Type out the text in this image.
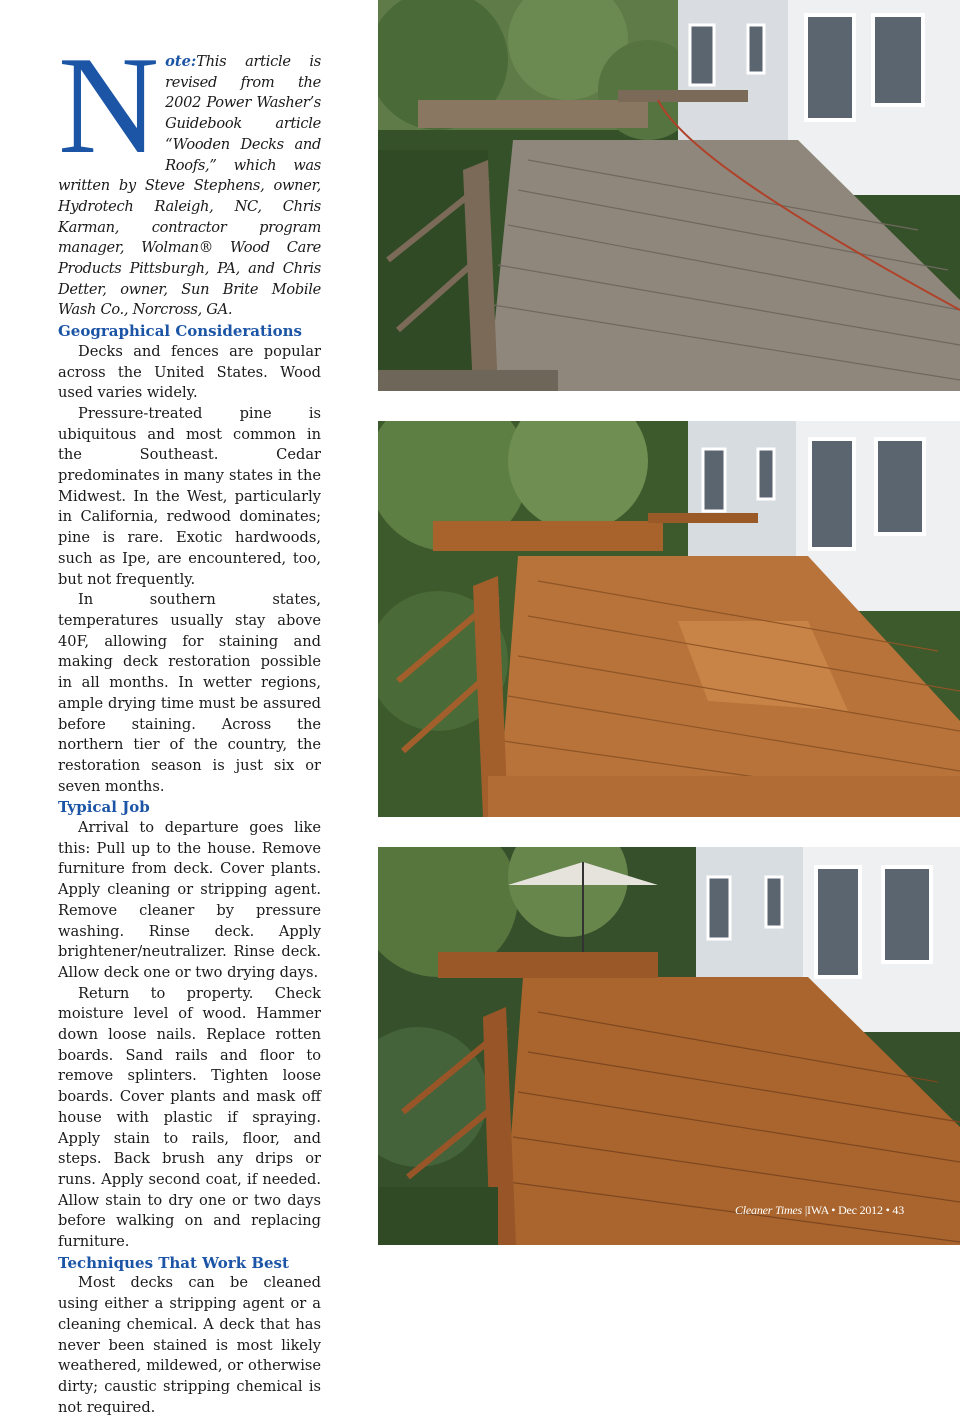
N ote:This article is revised from the 2002 Power Washer’s Guidebook article “Wooden Decks and Roofs,” which was written by Steve Stephens, owner, Hydrotech Raleigh, NC, Chris Karman, contractor program manager, Wolman® Wood Care Products Pittsburgh, PA, and Chris Detter, owner, Sun Brite Mobile Wash Co., Norcross, GA.

Geographical Considerations

Decks and fences are popular across the United States. Wood used varies widely.

Pressure-treated pine is ubiquitous and most common in the Southeast. Cedar predominates in many states in the Midwest. In the West, particularly in California, redwood dominates; pine is rare. Exotic hardwoods, such as Ipe, are encountered, too, but not frequently.

In southern states, temperatures usually stay above 40F, allowing for staining and making deck restoration possible in all months. In wetter regions, ample drying time must be assured before staining. Across the northern tier of the country, the restoration season is just six or seven months.

Typical Job

Arrival to departure goes like this: Pull up to the house. Remove furniture from deck. Cover plants. Apply cleaning or stripping agent. Remove cleaner by pressure washing. Rinse deck. Apply brightener/neutralizer. Rinse deck. Allow deck one or two drying days.

Return to property. Check moisture level of wood. Hammer down loose nails. Replace rotten boards. Sand rails and floor to remove splinters. Tighten loose boards. Cover plants and mask off house with plastic if spraying. Apply stain to rails, floor, and steps. Back brush any drips or runs. Apply second coat, if needed. Allow stain to dry one or two days before walking on and replacing furniture.

Techniques That Work Best

Most decks can be cleaned using either a stripping agent or a cleaning chemical. A deck that has never been stained is most likely weathered, mildewed, or otherwise dirty; caustic stripping chemical is not required.

Cleaner Times |IWA • Dec 2012 • 43
